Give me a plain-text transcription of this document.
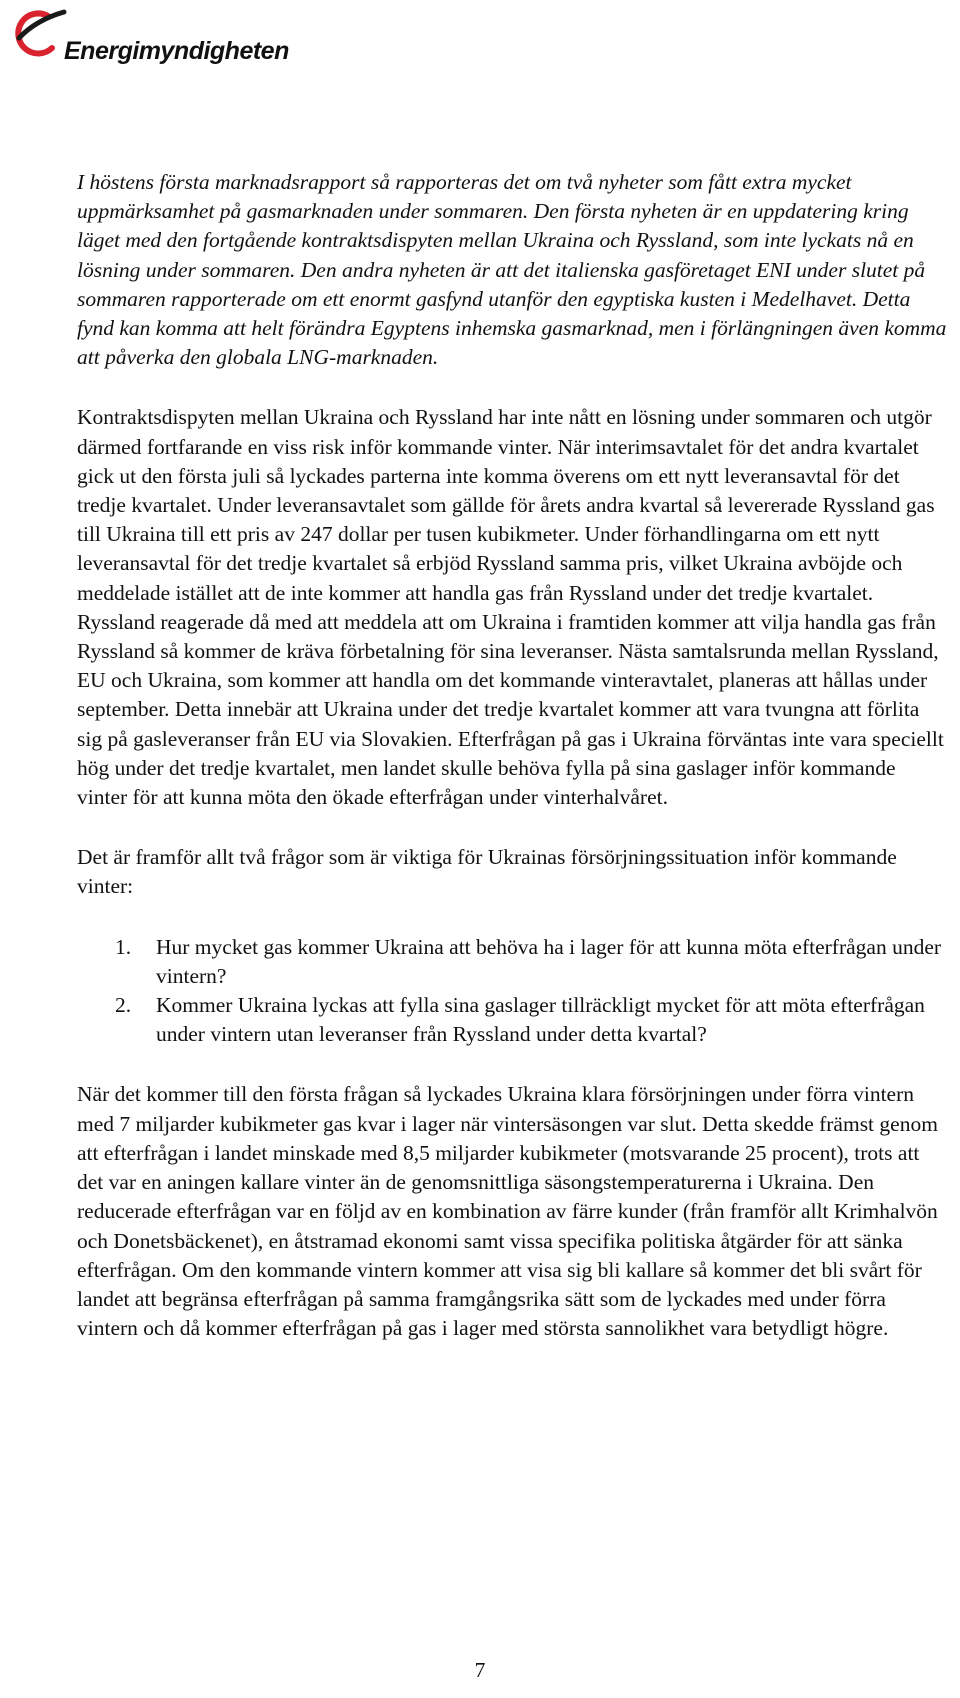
Energimyndigheten

I höstens första marknadsrapport så rapporteras det om två nyheter som fått extra mycket uppmärksamhet på gasmarknaden under sommaren. Den första nyheten är en uppdatering kring läget med den fortgående kontraktsdispyten mellan Ukraina och Ryssland, som inte lyckats nå en lösning under sommaren. Den andra nyheten är att det italienska gasföretaget ENI under slutet på sommaren rapporterade om ett enormt gasfynd utanför den egyptiska kusten i Medelhavet. Detta fynd kan komma att helt förändra Egyptens inhemska gasmarknad, men i förlängningen även komma att påverka den globala LNG-marknaden.

Kontraktsdispyten mellan Ukraina och Ryssland har inte nått en lösning under sommaren och utgör därmed fortfarande en viss risk inför kommande vinter. När interimsavtalet för det andra kvartalet gick ut den första juli så lyckades parterna inte komma överens om ett nytt leveransavtal för det tredje kvartalet. Under leveransavtalet som gällde för årets andra kvartal så levererade Ryssland gas till Ukraina till ett pris av 247 dollar per tusen kubikmeter. Under förhandlingarna om ett nytt leveransavtal för det tredje kvartalet så erbjöd Ryssland samma pris, vilket Ukraina avböjde och meddelade istället att de inte kommer att handla gas från Ryssland under det tredje kvartalet. Ryssland reagerade då med att meddela att om Ukraina i framtiden kommer att vilja handla gas från Ryssland så kommer de kräva förbetalning för sina leveranser. Nästa samtalsrunda mellan Ryssland, EU och Ukraina, som kommer att handla om det kommande vinteravtalet, planeras att hållas under september. Detta innebär att Ukraina under det tredje kvartalet kommer att vara tvungna att förlita sig på gasleveranser från EU via Slovakien. Efterfrågan på gas i Ukraina förväntas inte vara speciellt hög under det tredje kvartalet, men landet skulle behöva fylla på sina gaslager inför kommande vinter för att kunna möta den ökade efterfrågan under vinterhalvåret.

Det är framför allt två frågor som är viktiga för Ukrainas försörjningssituation inför kommande vinter:

1. Hur mycket gas kommer Ukraina att behöva ha i lager för att kunna möta efterfrågan under vintern?
2. Kommer Ukraina lyckas att fylla sina gaslager tillräckligt mycket för att möta efterfrågan under vintern utan leveranser från Ryssland under detta kvartal?

När det kommer till den första frågan så lyckades Ukraina klara försörjningen under förra vintern med 7 miljarder kubikmeter gas kvar i lager när vintersäsongen var slut. Detta skedde främst genom att efterfrågan i landet minskade med 8,5 miljarder kubikmeter (motsvarande 25 procent), trots att det var en aningen kallare vinter än de genomsnittliga säsongstemperaturerna i Ukraina. Den reducerade efterfrågan var en följd av en kombination av färre kunder (från framför allt Krimhalvön och Donetsbäckenet), en åtstramad ekonomi samt vissa specifika politiska åtgärder för att sänka efterfrågan. Om den kommande vintern kommer att visa sig bli kallare så kommer det bli svårt för landet att begränsa efterfrågan på samma framgångsrika sätt som de lyckades med under förra vintern och då kommer efterfrågan på gas i lager med största sannolikhet vara betydligt högre.

7
